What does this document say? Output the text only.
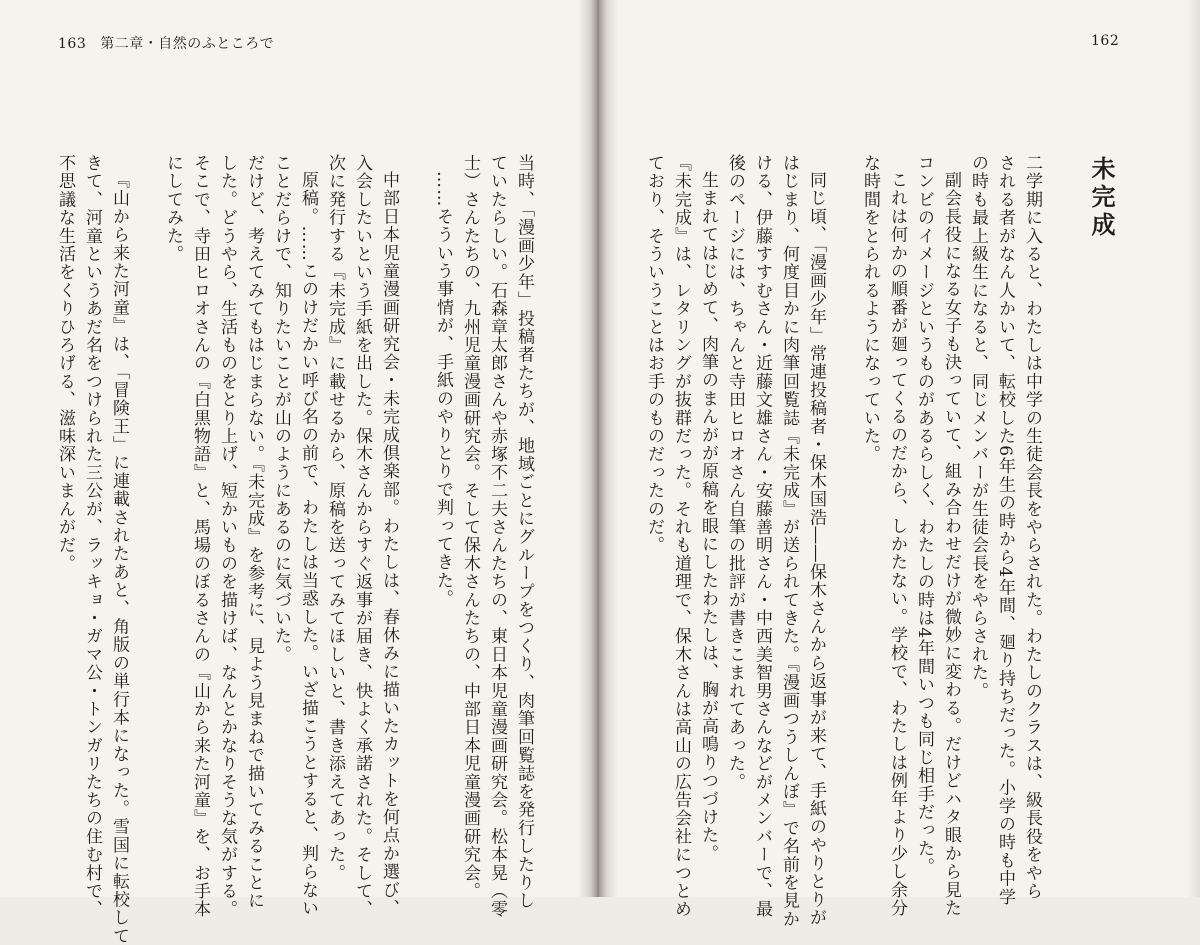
163 第二章・自然のふところで	162
未完成
二学期に入ると、わたしは中学の生徒会長をやらされた。わたしのクラスは、級長役をやら
される者がなん人かいて、転校した6年生の時から4年間、廻り持ちだった。小学の時も中学
の時も最上級生になると、同じメンバーが生徒会長をやらされた。
副会長役になる女子も決っていて、組み合わせだけが微妙に変わる。だけどハタ眼から見た
コンビのイメージというものがあるらしく、わたしの時は4年間いつも同じ相手だった。
これは何かの順番が廻ってくるのだから、しかたない。学校で、わたしは例年より少し余分
な時間をとられるようになっていた。
同じ頃、「漫画少年」常連投稿者・保木国浩――保木さんから返事が来て、手紙のやりとりが
はじまり、何度目かに肉筆回覧誌『未完成』が送られてきた。『漫画つうしんぼ』で名前を見か
ける、伊藤すすむさん・近藤文雄さん・安藤善明さん・中西美智男さんなどがメンバーで、最
後のページには、ちゃんと寺田ヒロオさん自筆の批評が書きこまれてあった。
生まれてはじめて、肉筆のまんがが原稿を眼にしたわたしは、胸が高鳴りつづけた。
『未完成』は、レタリングが抜群だった。それも道理で、保木さんは高山の広告会社につとめ
ており、そういうことはお手のものだったのだ。
当時、「漫画少年」投稿者たちが、地域ごとにグループをつくり、肉筆回覧誌を発行したりし
ていたらしい。石森章太郎さんや赤塚不二夫さんたちの、東日本児童漫画研究会。松本晃（零
士）さんたちの、九州児童漫画研究会。そして保木さんたちの、中部日本児童漫画研究会。
……そういう事情が、手紙のやりとりで判ってきた。
中部日本児童漫画研究会・未完成倶楽部。わたしは、春休みに描いたカットを何点か選び、
入会したいという手紙を出した。保木さんからすぐ返事が届き、快よく承諾された。そして、
次に発行する『未完成』に載せるから、原稿を送ってみてほしいと、書き添えてあった。
原稿。……このけだかい呼び名の前で、わたしは当惑した。いざ描こうとすると、判らない
ことだらけで、知りたいことが山のようにあるのに気づいた。
だけど、考えてみてもはじまらない。『未完成』を参考に、見よう見まねで描いてみることに
した。どうやら、生活ものをとり上げ、短かいものを描けば、なんとかなりそうな気がする。
そこで、寺田ヒロオさんの『白黒物語』と、馬場のぼるさんの『山から来た河童』を、お手本
にしてみた。
『山から来た河童』は、「冒険王」に連載されたあと、角版の単行本になった。雪国に転校して
きて、河童というあだ名をつけられた三公が、ラッキョ・ガマ公・トンガリたちの住む村で、
不思議な生活をくりひろげる、滋味深いまんがだ。
